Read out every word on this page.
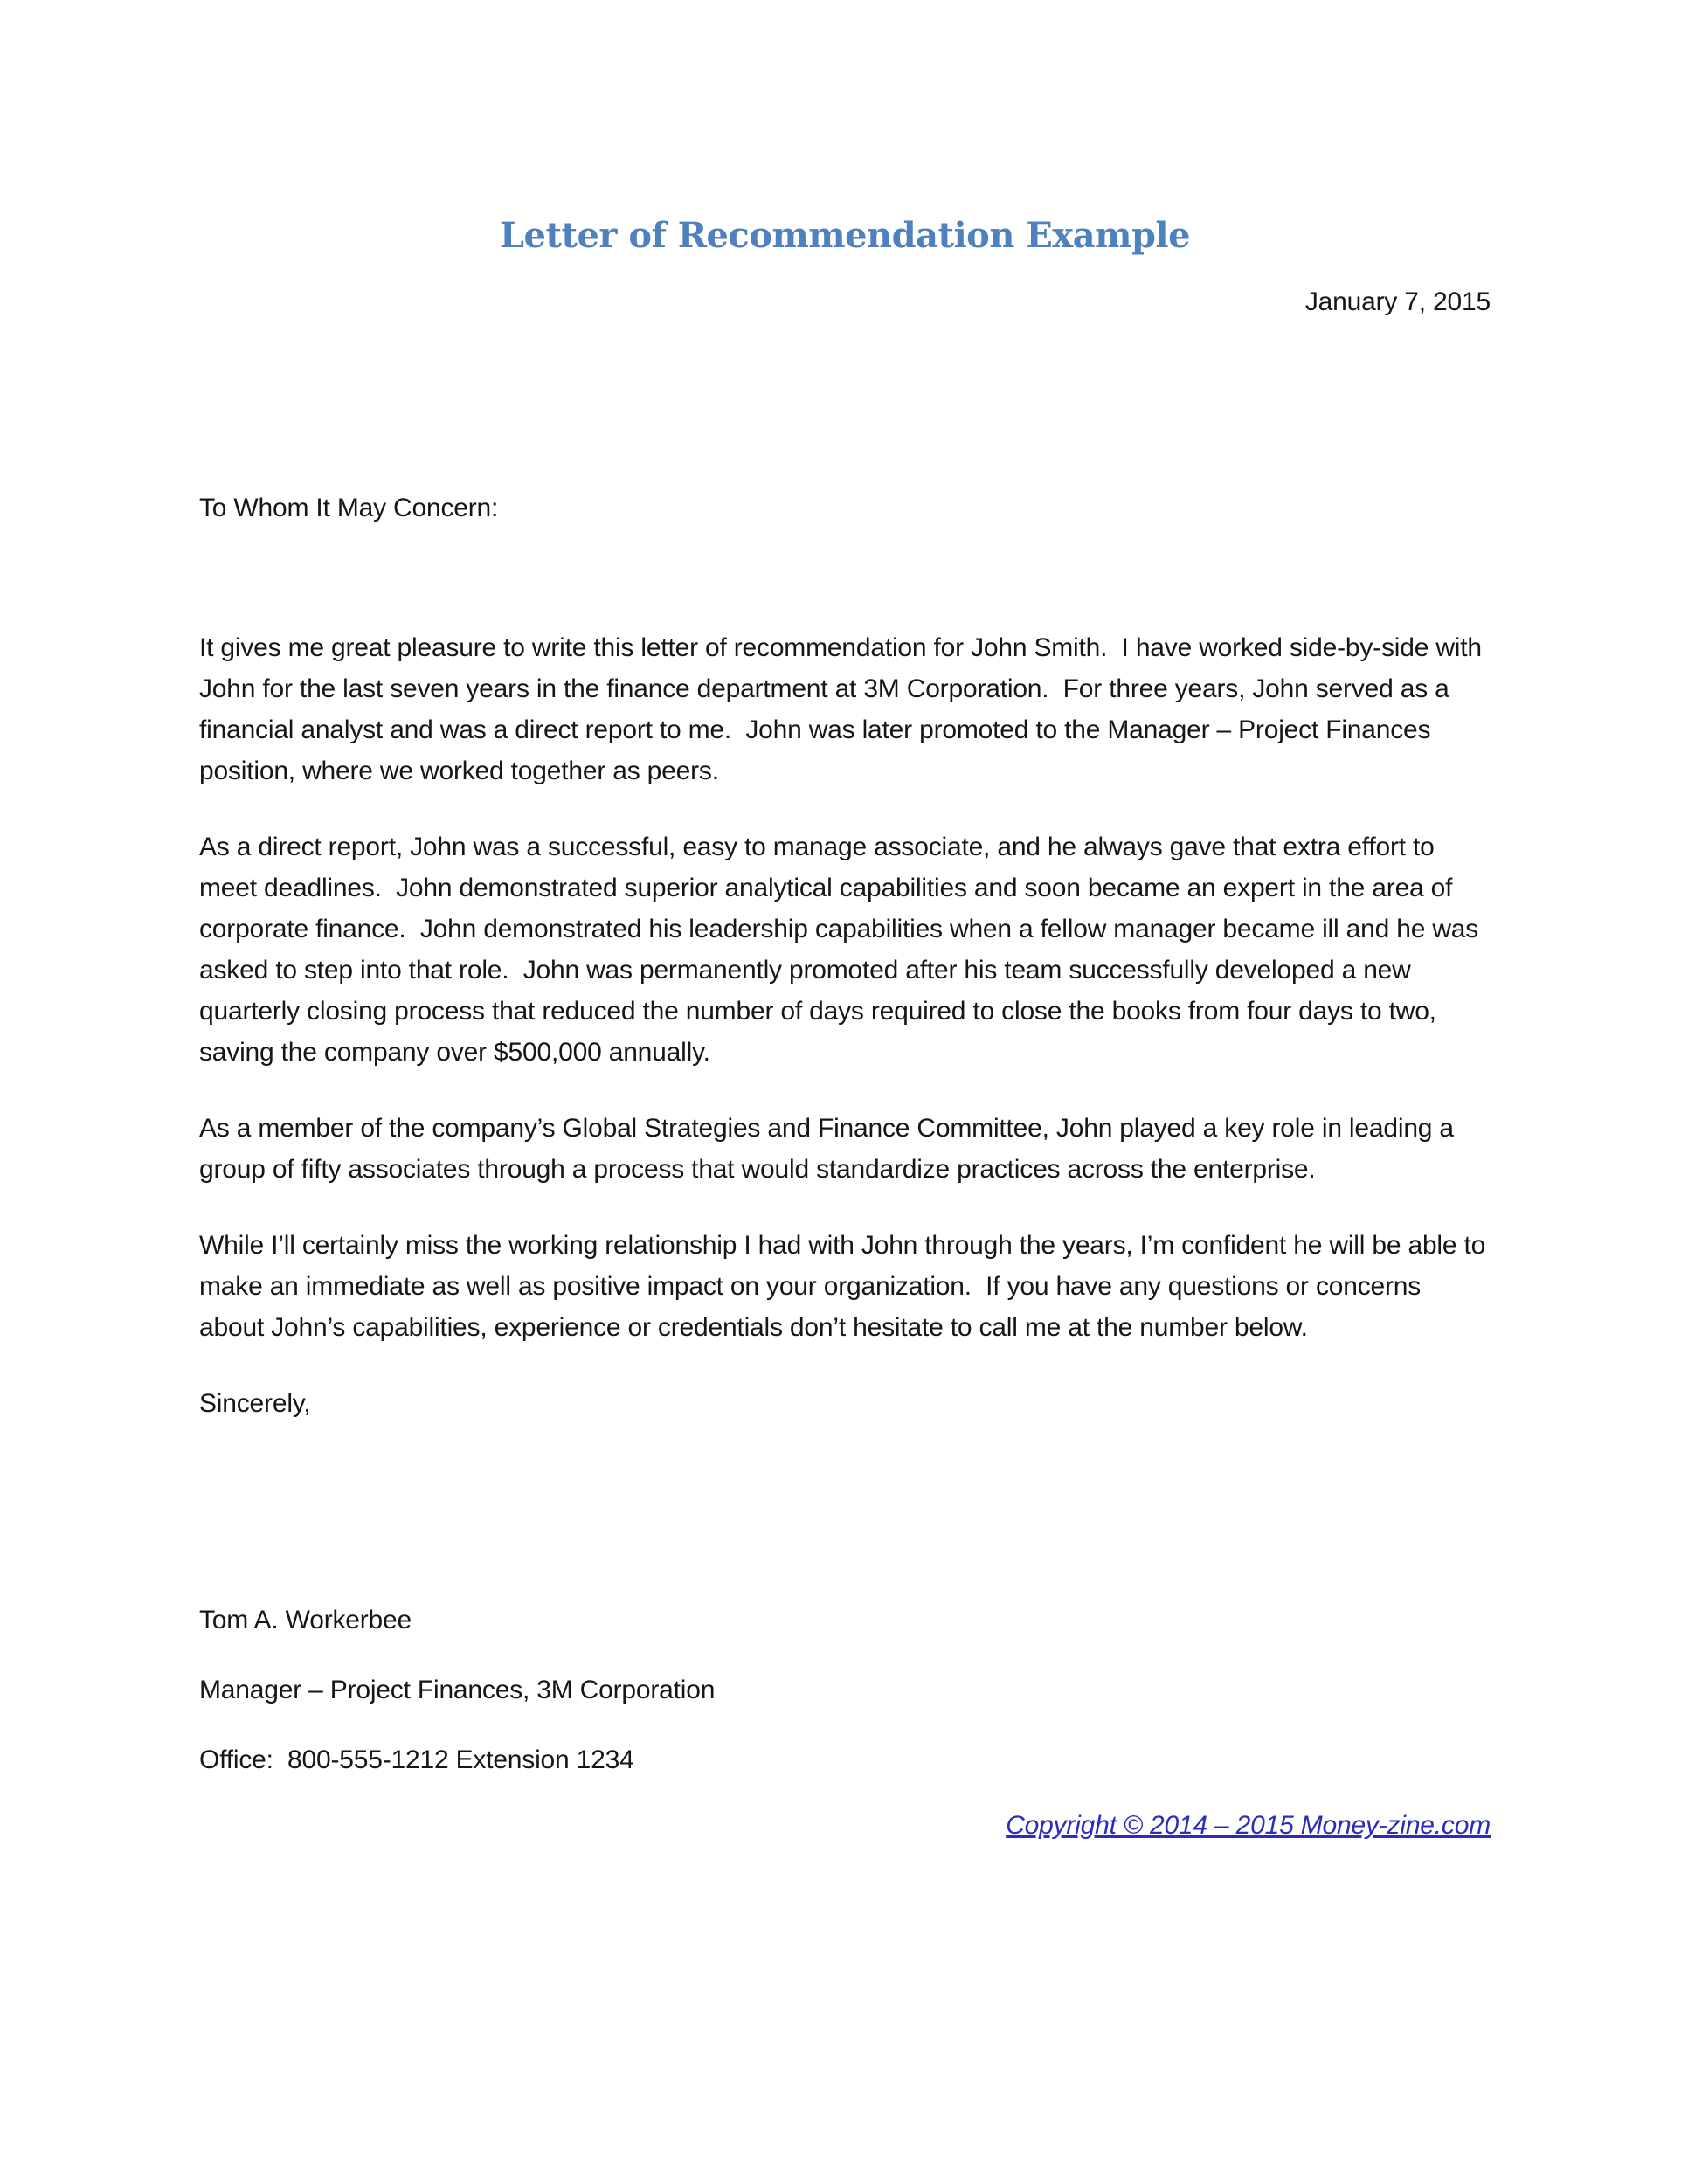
Letter of Recommendation Example
January 7, 2015
To Whom It May Concern:

It gives me great pleasure to write this letter of recommendation for John Smith.  I have worked side-by-side with John for the last seven years in the finance department at 3M Corporation.  For three years, John served as a financial analyst and was a direct report to me.  John was later promoted to the Manager – Project Finances position, where we worked together as peers.

As a direct report, John was a successful, easy to manage associate, and he always gave that extra effort to meet deadlines.  John demonstrated superior analytical capabilities and soon became an expert in the area of corporate finance.  John demonstrated his leadership capabilities when a fellow manager became ill and he was asked to step into that role.  John was permanently promoted after his team successfully developed a new quarterly closing process that reduced the number of days required to close the books from four days to two, saving the company over $500,000 annually.

As a member of the company’s Global Strategies and Finance Committee, John played a key role in leading a group of fifty associates through a process that would standardize practices across the enterprise.

While I’ll certainly miss the working relationship I had with John through the years, I’m confident he will be able to make an immediate as well as positive impact on your organization.  If you have any questions or concerns about John’s capabilities, experience or credentials don’t hesitate to call me at the number below.

Sincerely,
Tom A. Workerbee
Manager – Project Finances, 3M Corporation
Office:  800-555-1212 Extension 1234
Copyright © 2014 – 2015 Money-zine.com
